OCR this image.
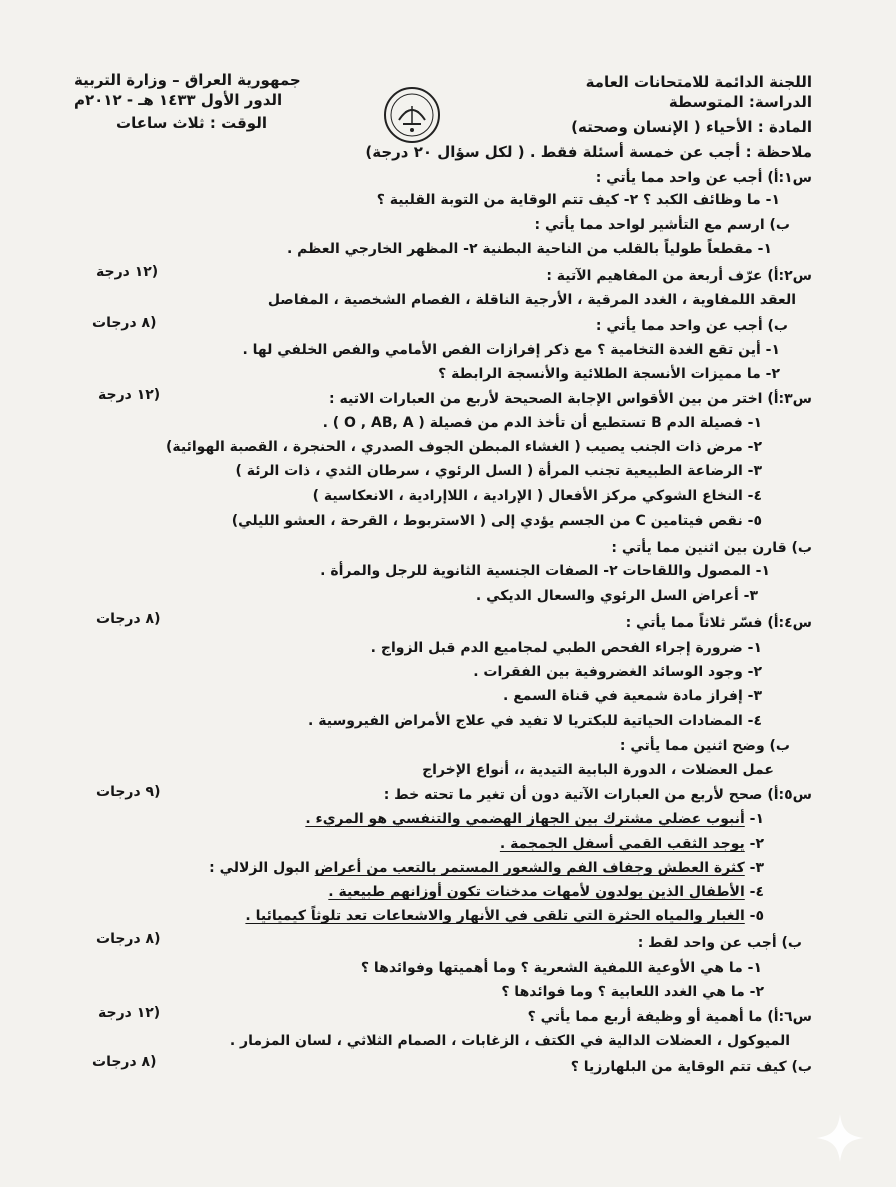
اللجنة الدائمة للامتحانات العامة
الدراسة: المتوسطة
المادة : الأحياء ( الإنسان وصحته)
جمهورية العراق – وزارة التربية
الدور الأول ١٤٣٣ هـ - ٢٠١٢م
الوقت : ثلاث ساعات
ملاحظة : أجب عن خمسة أسئلة فقط . ( لكل سؤال ٢٠ درجة)
س١:أ) أجب عن واحد مما يأتي :
١- ما وظائف الكبد ؟ ٢- كيف تتم الوقاية من التوبة القلبية ؟
ب) ارسم مع التأشير لواحد مما يأتي :
١- مقطعاً طولياً بالقلب من الناحية البطنية ٢- المظهر الخارجي العظم .
س٢:أ) عرّف أربعة من المفاهيم الآتية :
(١٢ درجة
العقد اللمفاوية ، الغدد المرقية ، الأرجية الناقلة ، الفصام الشخصية ، المفاصل
ب) أجب عن واحد مما يأتي :
(٨ درجات
١- أين تقع الغدة التخامية ؟ مع ذكر إفرازات الفص الأمامي والفص الخلفي لها .
٢- ما مميزات الأنسجة الطلائية والأنسجة الرابطة ؟
س٣:أ) اختر من بين الأقواس الإجابة الصحيحة لأربع من العبارات الاتيه :
(١٢ درجة
١- فصيلة الدم B تستطيع أن تأخذ الدم من فصيلة ( O , AB, A ) .
٢- مرض ذات الجنب يصيب ( الغشاء المبطن الجوف الصدري ، الحنجرة ، القصبة الهوائية)
٣- الرضاعة الطبيعية تجنب المرأة ( السل الرئوي ، سرطان الثدي ، ذات الرئة )
٤- النخاع الشوكي مركز الأفعال ( الإرادية ، اللاإرادية ، الانعكاسية )
٥- نقص فيتامين C من الجسم يؤدي إلى ( الاستربوط ، القرحة ، العشو الليلي)
ب) قارن بين اثنين مما يأتي :
١- المصول واللقاحات ٢- الصفات الجنسية الثانوية للرجل والمرأة .
٣- أعراض السل الرئوي والسعال الديكي .
س٤:أ) فسّر ثلاثاً مما يأتي :
(٨ درجات
١- ضرورة إجراء الفحص الطبي لمجاميع الدم قبل الزواج .
٢- وجود الوسائد الغضروفية بين الفقرات .
٣- إفراز مادة شمعية في قناة السمع .
٤- المضادات الحياتية للبكتريا لا تفيد في علاج الأمراض الفيروسية .
ب) وضح اثنين مما يأتي :
عمل العضلات ، الدورة البابية التيدية ،، أنواع الإخراج
س٥:أ) صحح لأربع من العبارات الآتية دون أن تغير ما تحته خط :
(٩ درجات
١- أنبوب عضلي مشترك بين الجهاز الهضمي والتنفسي هو المريء .
٢- يوجد الثقب القمي أسفل الجمجمة .
٣- كثرة العطش وجفاف الفم والشعور المستمر بالتعب من أعراض البول الزلالي :
٤- الأطفال الذين يولدون لأمهات مدخنات تكون أوزانهم طبيعية .
٥- الغبار والمياه الحثرة التي تلقى في الأنهار والاشعاعات تعد تلوثاً كيميائيا .
ب) أجب عن واحد لقط :
(٨ درجات
١- ما هي الأوعية اللمفية الشعرية ؟ وما أهميتها وفوائدها ؟
٢- ما هي الغدد اللعابية ؟ وما فوائدها ؟
س٦:أ) ما أهمية أو وظيفة أربع مما يأتي ؟
(١٢ درجة
الميوكول ، العضلات الدالية في الكتف ، الزغابات ، الصمام الثلاثي ، لسان المزمار .
ب) كيف تتم الوقاية من البلهارزيا ؟
(٨ درجات
